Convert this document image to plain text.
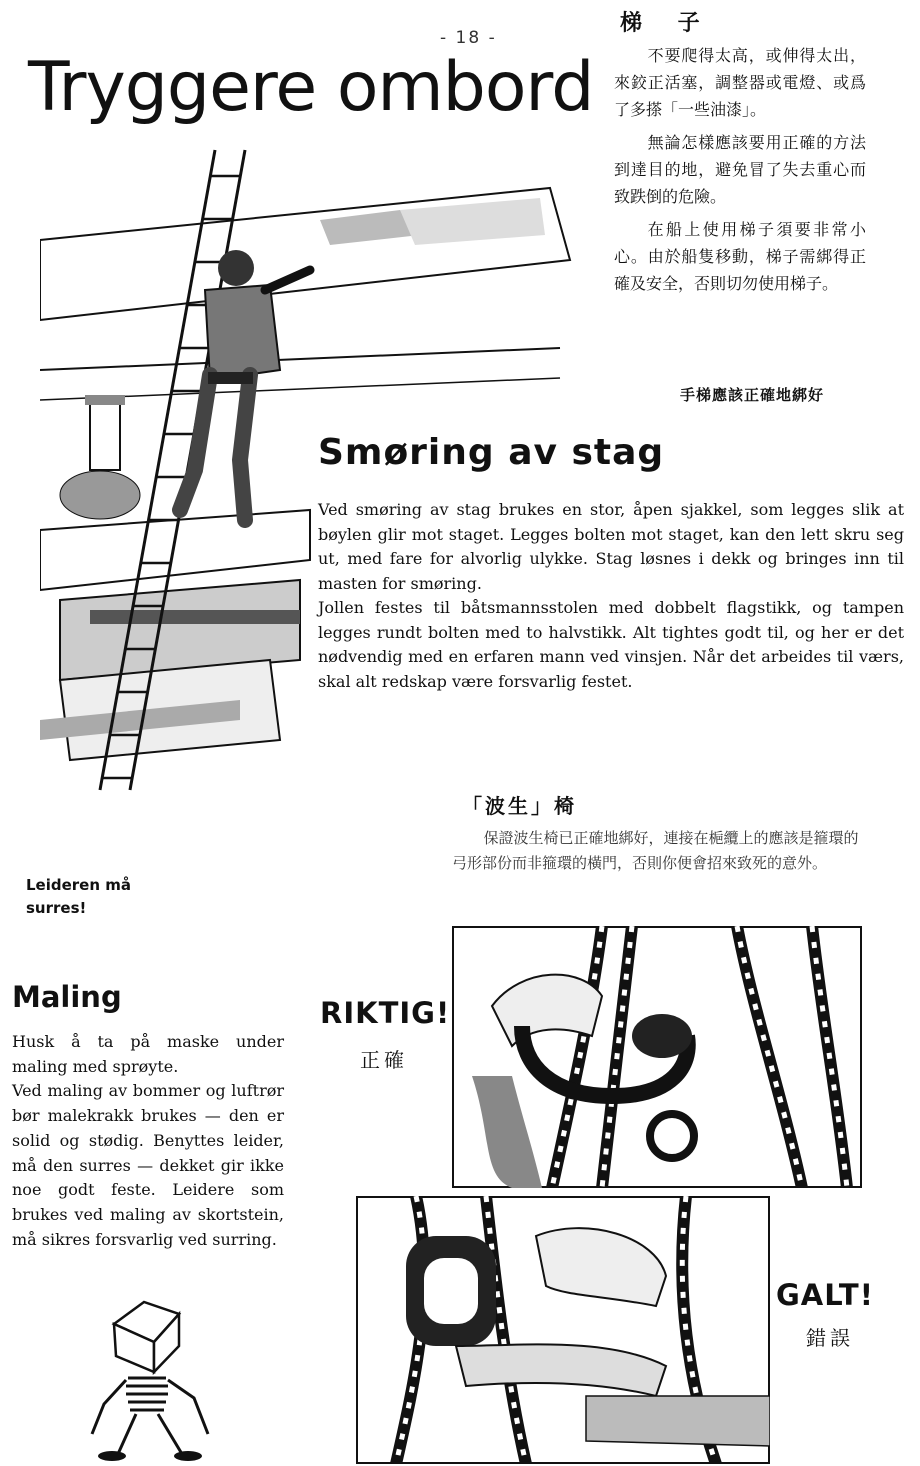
- 18 -
Tryggere ombord
梯 子

不要爬得太高，或伸得太出，來鉸正活塞，調整器或電燈、或爲了多搽「一些油漆」。

無論怎樣應該要用正確的方法到達目的地，避免冒了失去重心而致跌倒的危險。

在船上使用梯子須要非常小心。由於船隻移動，梯子需綁得正確及安全，否則切勿使用梯子。

手梯應該正確地綁好
Smøring av stag

Ved smøring av stag brukes en stor, åpen sjakkel, som legges slik at bøylen glir mot staget. Legges bolten mot staget, kan den lett skru seg ut, med fare for alvorlig ulykke. Stag løsnes i dekk og bringes inn til masten for smøring.

Jollen festes til båtsmannsstolen med dobbelt flagstikk, og tampen legges rundt bolten med to halvstikk. Alt tightes godt til, og her er det nødvendig med en erfaren mann ved vinsjen. Når det arbeides til værs, skal alt redskap være forsvarlig festet.

Leideren må
surres!
「波生」椅

保證波生椅已正確地綁好，連接在梔纜上的應該是箍環的弓形部份而非箍環的橫門，否則你便會招來致死的意外。

Maling

Husk å ta på maske under maling med sprøyte.

Ved maling av bommer og luftrør bør malekrakk brukes — den er solid og stødig. Benyttes leider, må den surres — dekket gir ikke noe godt feste. Leidere som brukes ved maling av skortstein, må sikres forsvarlig ved surring.

RIKTIG!
正確
GALT!
錯誤
